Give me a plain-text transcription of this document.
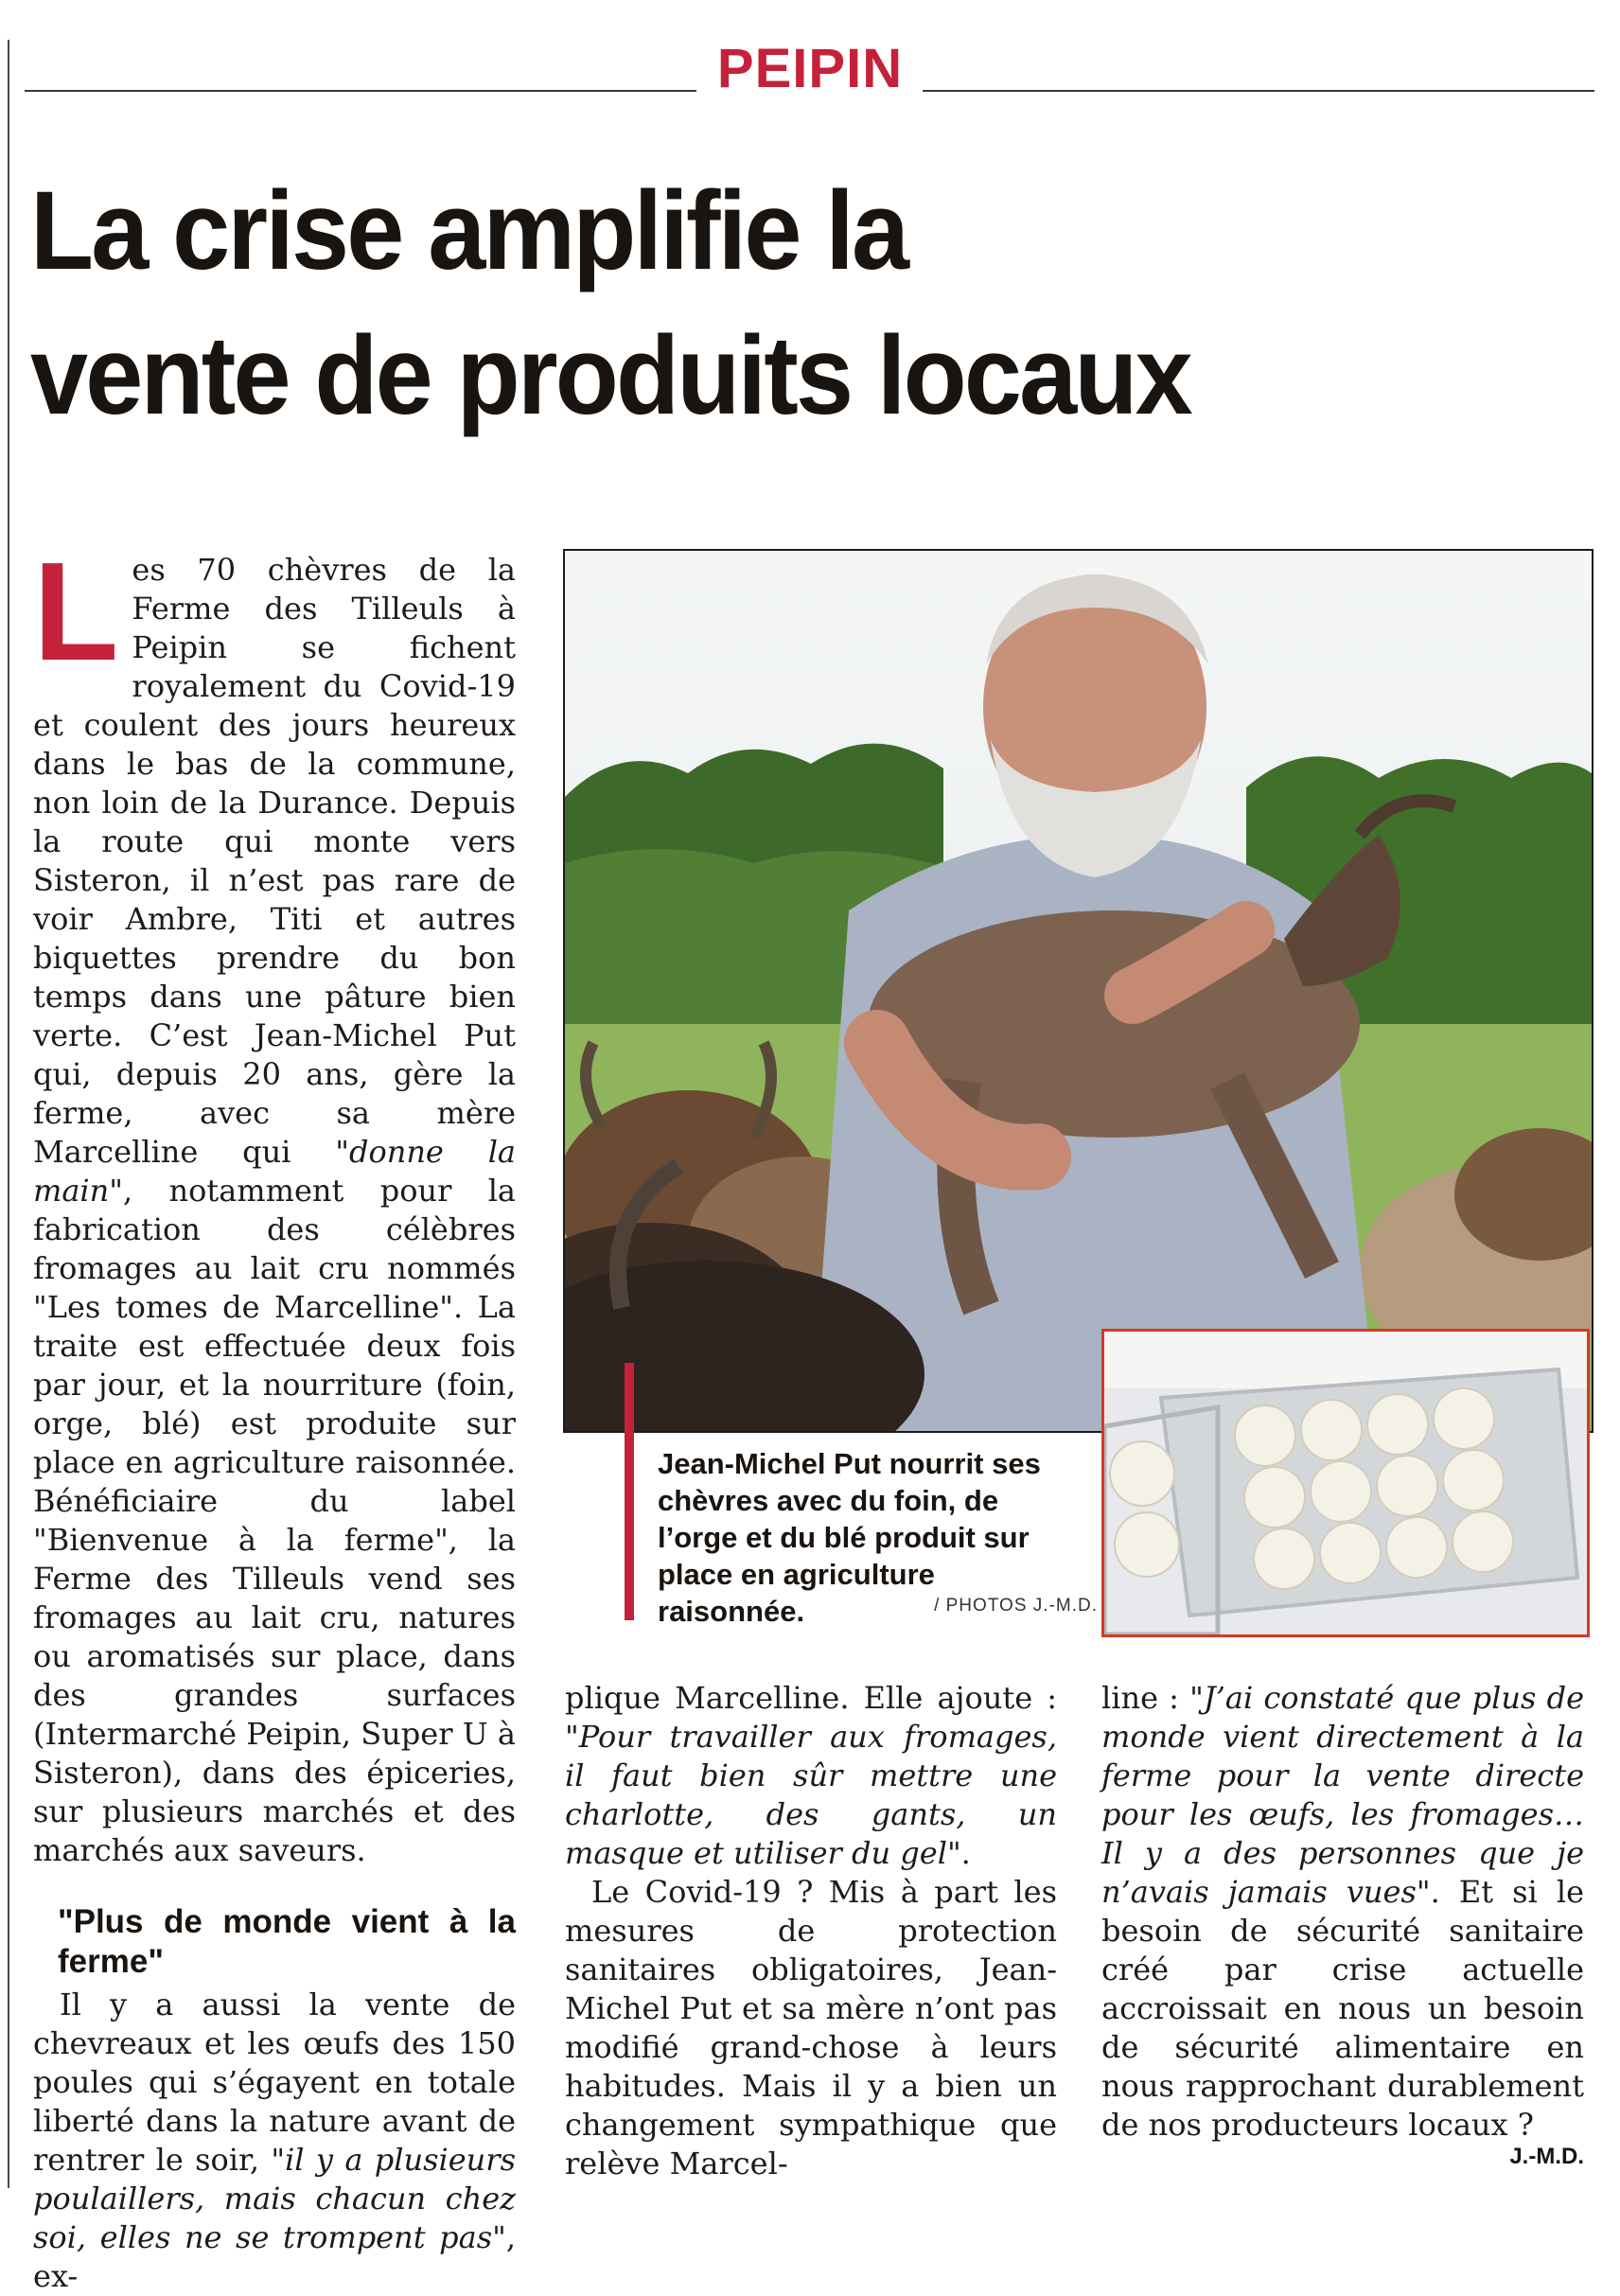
PEIPIN
La crise amplifie la
vente de produits locaux

Les 70 chèvres de la Ferme des Tilleuls à Peipin se fichent royalement du Covid-19 et coulent des jours heureux dans le bas de la commune, non loin de la Durance. Depuis la route qui monte vers Sisteron, il n’est pas rare de voir Ambre, Titi et autres biquettes prendre du bon temps dans une pâture bien verte. C’est Jean-Michel Put qui, depuis 20 ans, gère la ferme, avec sa mère Marcelline qui "donne la main", notamment pour la fabrication des célèbres fromages au lait cru nommés "Les tomes de Marcelline". La traite est effectuée deux fois par jour, et la nourriture (foin, orge, blé) est produite sur place en agriculture raisonnée. Bénéficiaire du label "Bienvenue à la ferme", la Ferme des Tilleuls vend ses fromages au lait cru, natures ou aromatisés sur place, dans des grandes surfaces (Intermarché Peipin, Super U à Sisteron), dans des épiceries, sur plusieurs marchés et des marchés aux saveurs.

"Plus de monde vient à la ferme"

Il y a aussi la vente de chevreaux et les œufs des 150 poules qui s’égayent en totale liberté dans la nature avant de rentrer le soir, "il y a plusieurs poulaillers, mais chacun chez soi, elles ne se trompent pas", ex-

Jean-Michel Put nourrit ses chèvres avec du foin, de l’orge et du blé produit sur place en agriculture raisonnée.	/ PHOTOS J.-M.D.

plique Marcelline. Elle ajoute : "Pour travailler aux fromages, il faut bien sûr mettre une charlotte, des gants, un masque et utiliser du gel".

Le Covid-19 ? Mis à part les mesures de protection sanitaires obligatoires, Jean-Michel Put et sa mère n’ont pas modifié grand-chose à leurs habitudes. Mais il y a bien un changement sympathique que relève Marcel-

line : "J’ai constaté que plus de monde vient directement à la ferme pour la vente directe pour les œufs, les fromages… Il y a des personnes que je n’avais jamais vues". Et si le besoin de sécurité sanitaire créé par crise actuelle accroissait en nous un besoin de sécurité alimentaire en nous rapprochant durablement de nos producteurs locaux ?

J.-M.D.
